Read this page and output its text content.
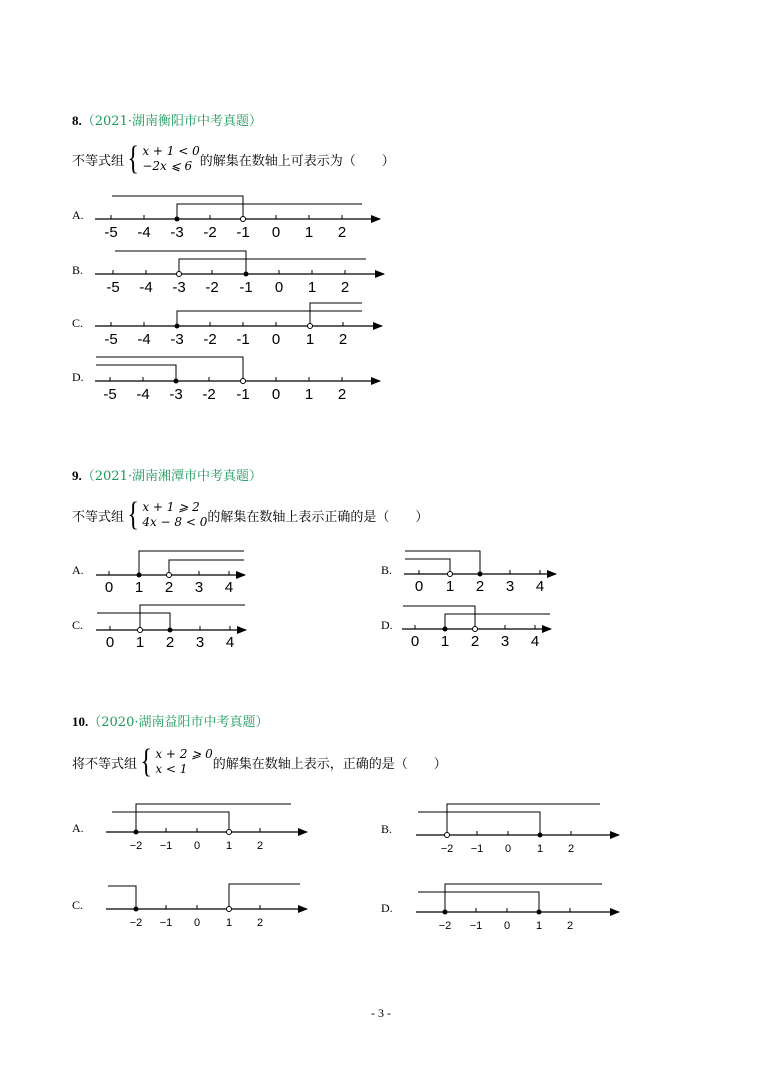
8.（2021·湖南衡阳市中考真题）
不等式组 { x + 1 < 0
−2x ⩽ 6 的解集在数轴上可表示为（　　）
A.
B.
C.
D.
-5 -4 -3 -2 -1 0 1 2
-5 -4 -3 -2 -1 0 1 2
-5 -4 -3 -2 -1 0 1 2
-5 -4 -3 -2 -1 0 1 2
0 1 2 3 4	0 1 2 3 4
0 1 2 3 4	0 1 2 3 4
−2 −1 0 1 2	−2 −1 0 1 2
−2 −1 0 1 2	−2 −1 0 1 2
9.（2021·湖南湘潭市中考真题）
不等式组 { x + 1 ⩾ 2
4x − 8 < 0 的解集在数轴上表示正确的是（　　）
A.	B.
C.	D.
10.（2020·湖南益阳市中考真题）
将不等式组 { x + 2 ⩾ 0
x < 1	的解集在数轴上表示，正确的是（　　）
A.	B.
C.	D.
- 3 -
